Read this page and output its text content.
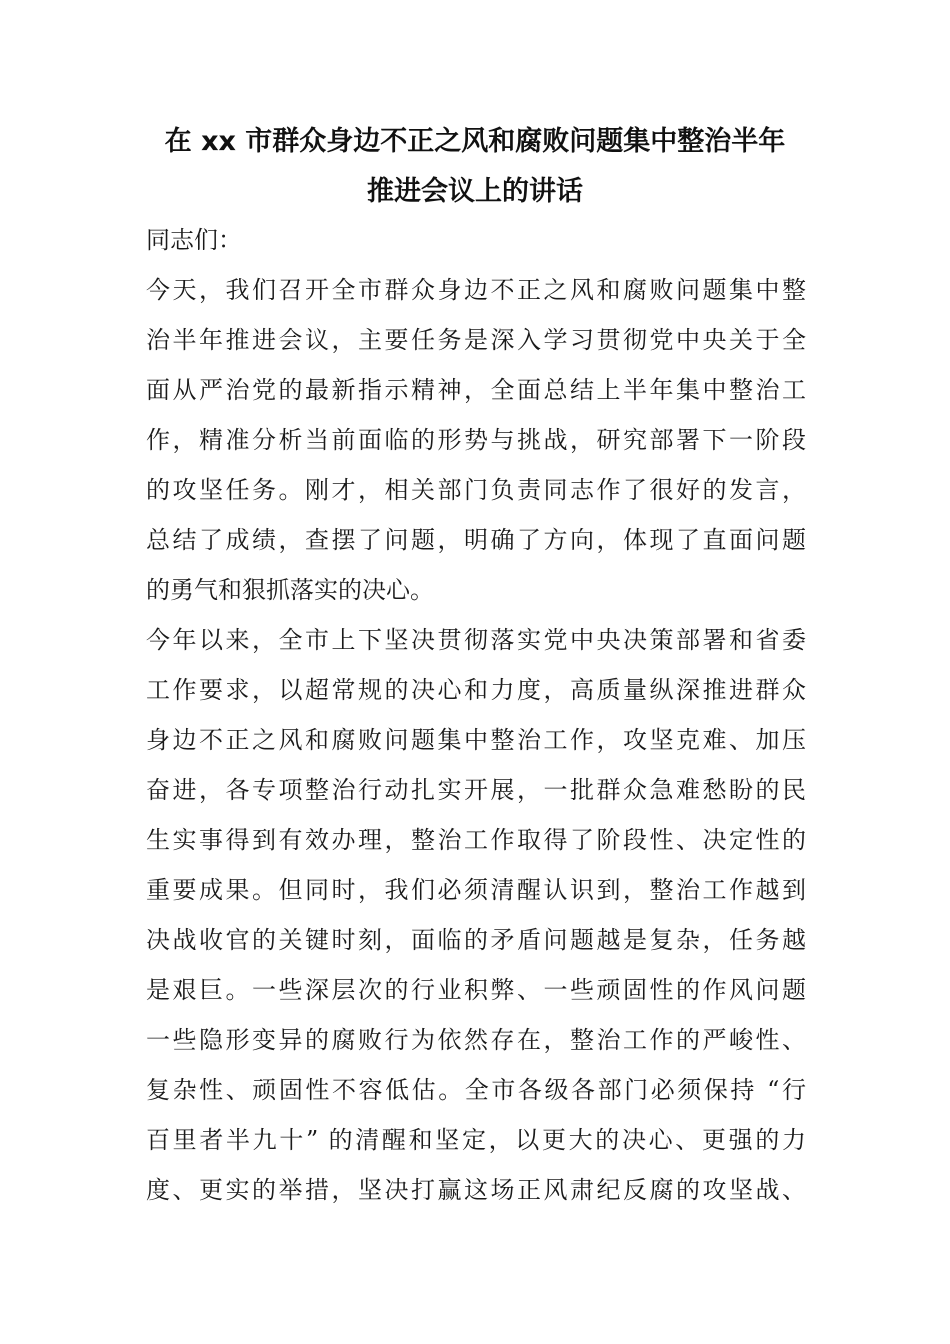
在 xx 市群众身边不正之风和腐败问题集中整治半年
推进会议上的讲话

同志们：

今天，我们召开全市群众身边不正之风和腐败问题集中整

治半年推进会议，主要任务是深入学习贯彻党中央关于全

面从严治党的最新指示精神，全面总结上半年集中整治工

作，精准分析当前面临的形势与挑战，研究部署下一阶段

的攻坚任务。刚才，相关部门负责同志作了很好的发言，

总结了成绩，查摆了问题，明确了方向，体现了直面问题

的勇气和狠抓落实的决心。

今年以来，全市上下坚决贯彻落实党中央决策部署和省委

工作要求，以超常规的决心和力度，高质量纵深推进群众

身边不正之风和腐败问题集中整治工作，攻坚克难、加压

奋进，各专项整治行动扎实开展，一批群众急难愁盼的民

生实事得到有效办理，整治工作取得了阶段性、决定性的

重要成果。但同时，我们必须清醒认识到，整治工作越到

决战收官的关键时刻，面临的矛盾问题越是复杂，任务越

是艰巨。一些深层次的行业积弊、一些顽固性的作风问题

一些隐形变异的腐败行为依然存在，整治工作的严峻性、

复杂性、顽固性不容低估。全市各级各部门必须保持 “行

百里者半九十” 的清醒和坚定，以更大的决心、更强的力

度、更实的举措，坚决打赢这场正风肃纪反腐的攻坚战、
